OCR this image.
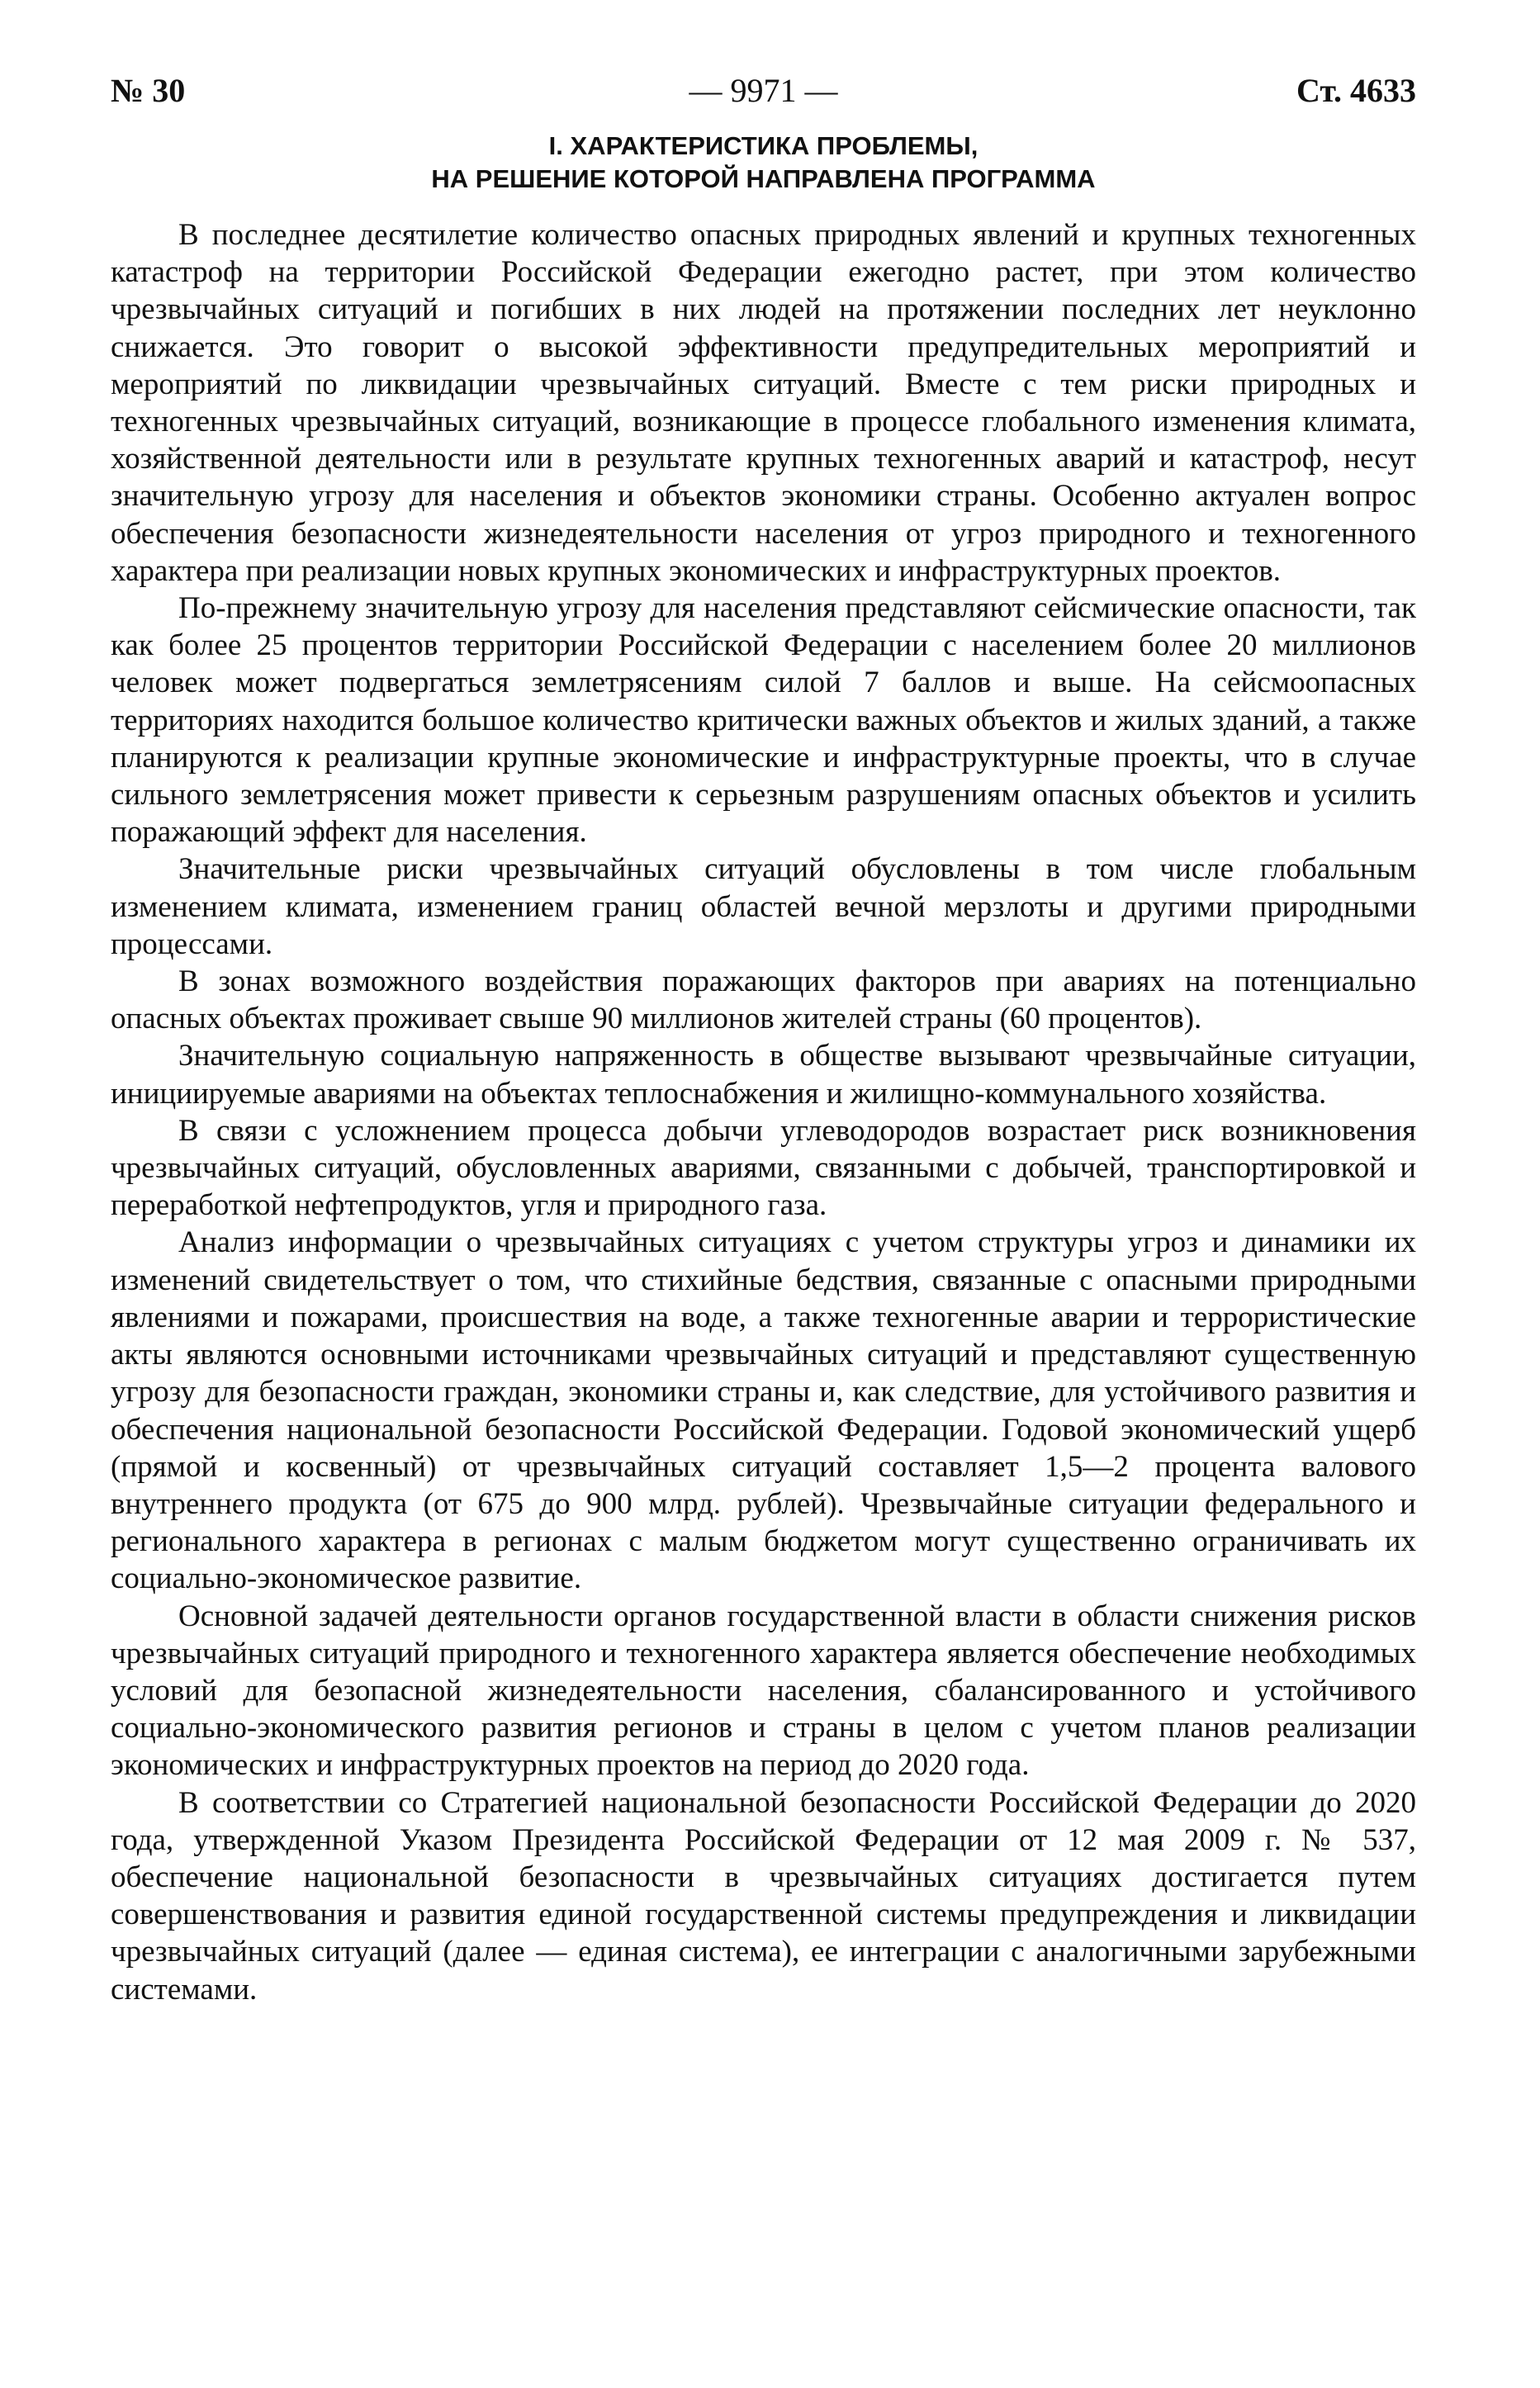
№ 30	— 9971 —	Ст. 4633
I. ХАРАКТЕРИСТИКА ПРОБЛЕМЫ,
НА РЕШЕНИЕ КОТОРОЙ НАПРАВЛЕНА ПРОГРАММА

В последнее десятилетие количество опасных природных явлений и крупных техногенных катастроф на территории Российской Федерации ежегодно растет, при этом количество чрезвычайных ситуаций и погибших в них людей на протяжении последних лет неуклонно снижается. Это говорит о высокой эффективности предупредительных мероприятий и мероприятий по ликвидации чрезвычайных ситуаций. Вместе с тем риски природных и техногенных чрезвычайных ситуаций, возникающие в процессе глобального изменения климата, хозяйственной деятельности или в результате крупных техногенных аварий и катастроф, несут значительную угрозу для населения и объектов экономики страны. Особенно актуален вопрос обеспечения безопасности жизнедеятельности населения от угроз природного и техногенного характера при реализации новых крупных экономических и инфраструктурных проектов.

По-прежнему значительную угрозу для населения представляют сейсмические опасности, так как более 25 процентов территории Российской Федерации с населением более 20 миллионов человек может подвергаться землетрясениям силой 7 баллов и выше. На сейсмоопасных территориях находится большое количество критически важных объектов и жилых зданий, а также планируются к реализации крупные экономические и инфраструктурные проекты, что в случае сильного землетрясения может привести к серьезным разрушениям опасных объектов и усилить поражающий эффект для населения.

Значительные риски чрезвычайных ситуаций обусловлены в том числе глобальным изменением климата, изменением границ областей вечной мерзлоты и другими природными процессами.

В зонах возможного воздействия поражающих факторов при авариях на потенциально опасных объектах проживает свыше 90 миллионов жителей страны (60 процентов).

Значительную социальную напряженность в обществе вызывают чрезвычайные ситуации, инициируемые авариями на объектах теплоснабжения и жилищно-коммунального хозяйства.

В связи с усложнением процесса добычи углеводородов возрастает риск возникновения чрезвычайных ситуаций, обусловленных авариями, связанными с добычей, транспортировкой и переработкой нефтепродуктов, угля и природного газа.

Анализ информации о чрезвычайных ситуациях с учетом структуры угроз и динамики их изменений свидетельствует о том, что стихийные бедствия, связанные с опасными природными явлениями и пожарами, происшествия на воде, а также техногенные аварии и террористические акты являются основными источниками чрезвычайных ситуаций и представляют существенную угрозу для безопасности граждан, экономики страны и, как следствие, для устойчивого развития и обеспечения национальной безопасности Российской Федерации. Годовой экономический ущерб (прямой и косвенный) от чрезвычайных ситуаций составляет 1,5—2 процента валового внутреннего продукта (от 675 до 900 млрд. рублей). Чрезвычайные ситуации федерального и регионального характера в регионах с малым бюджетом могут существенно ограничивать их социально-экономическое развитие.

Основной задачей деятельности органов государственной власти в области снижения рисков чрезвычайных ситуаций природного и техногенного характера является обеспечение необходимых условий для безопасной жизнедеятельности населения, сбалансированного и устойчивого социально-экономического развития регионов и страны в целом с учетом планов реализации экономических и инфраструктурных проектов на период до 2020 года.

В соответствии со Стратегией национальной безопасности Российской Федерации до 2020 года, утвержденной Указом Президента Российской Федерации от 12 мая 2009 г. № 537, обеспечение национальной безопасности в чрезвычайных ситуациях достигается путем совершенствования и развития единой государственной системы предупреждения и ликвидации чрезвычайных ситуаций (далее — единая система), ее интеграции с аналогичными зарубежными системами.
